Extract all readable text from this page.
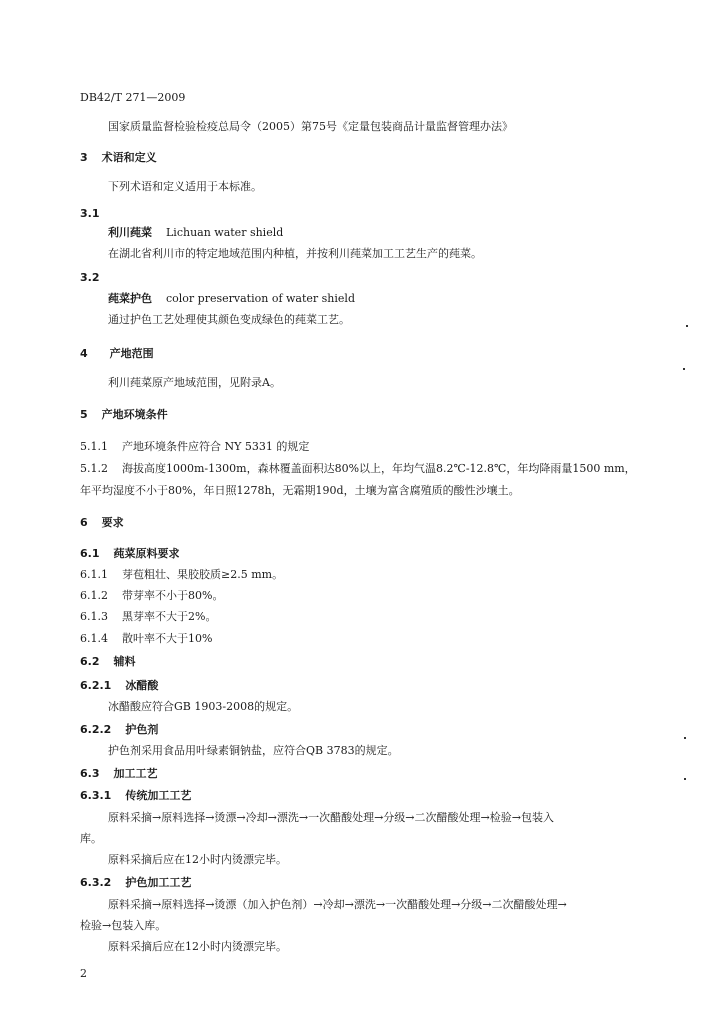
DB42/T 271—2009
国家质量监督检验检疫总局令（2005）第75号《定量包装商品计量监督管理办法》
3 术语和定义
下列术语和定义适用于本标准。
3.1
利川莼菜 Lichuan water shield
在湖北省利川市的特定地域范围内种植，并按利川莼菜加工工艺生产的莼菜。
3.2
莼菜护色 color preservation of water shield
通过护色工艺处理使其颜色变成绿色的莼菜工艺。
4 产地范围
利川莼菜原产地域范围，见附录A。
5 产地环境条件
5.1.1 产地环境条件应符合 NY 5331 的规定
5.1.2 海拔高度1000m-1300m，森林覆盖面积达80%以上，年均气温8.2℃-12.8℃，年均降雨量1500 mm，
年平均湿度不小于80%，年日照1278h，无霜期190d，土壤为富含腐殖质的酸性沙壤土。
6 要求
6.1 莼菜原料要求
6.1.1 芽苞粗壮、果胶胶质≥2.5 mm。
6.1.2 带芽率不小于80%。
6.1.3 黑芽率不大于2%。
6.1.4 散叶率不大于10%
6.2 辅料
6.2.1 冰醋酸
冰醋酸应符合GB 1903-2008的规定。
6.2.2 护色剂
护色剂采用食品用叶绿素铜钠盐，应符合QB 3783的规定。
6.3 加工工艺
6.3.1 传统加工工艺
原料采摘→原料选择→烫漂→冷却→漂洗→一次醋酸处理→分级→二次醋酸处理→检验→包装入
库。
原料采摘后应在12小时内烫漂完毕。
6.3.2 护色加工工艺
原料采摘→原料选择→烫漂（加入护色剂）→冷却→漂洗→一次醋酸处理→分级→二次醋酸处理→
检验→包装入库。
原料采摘后应在12小时内烫漂完毕。
2
